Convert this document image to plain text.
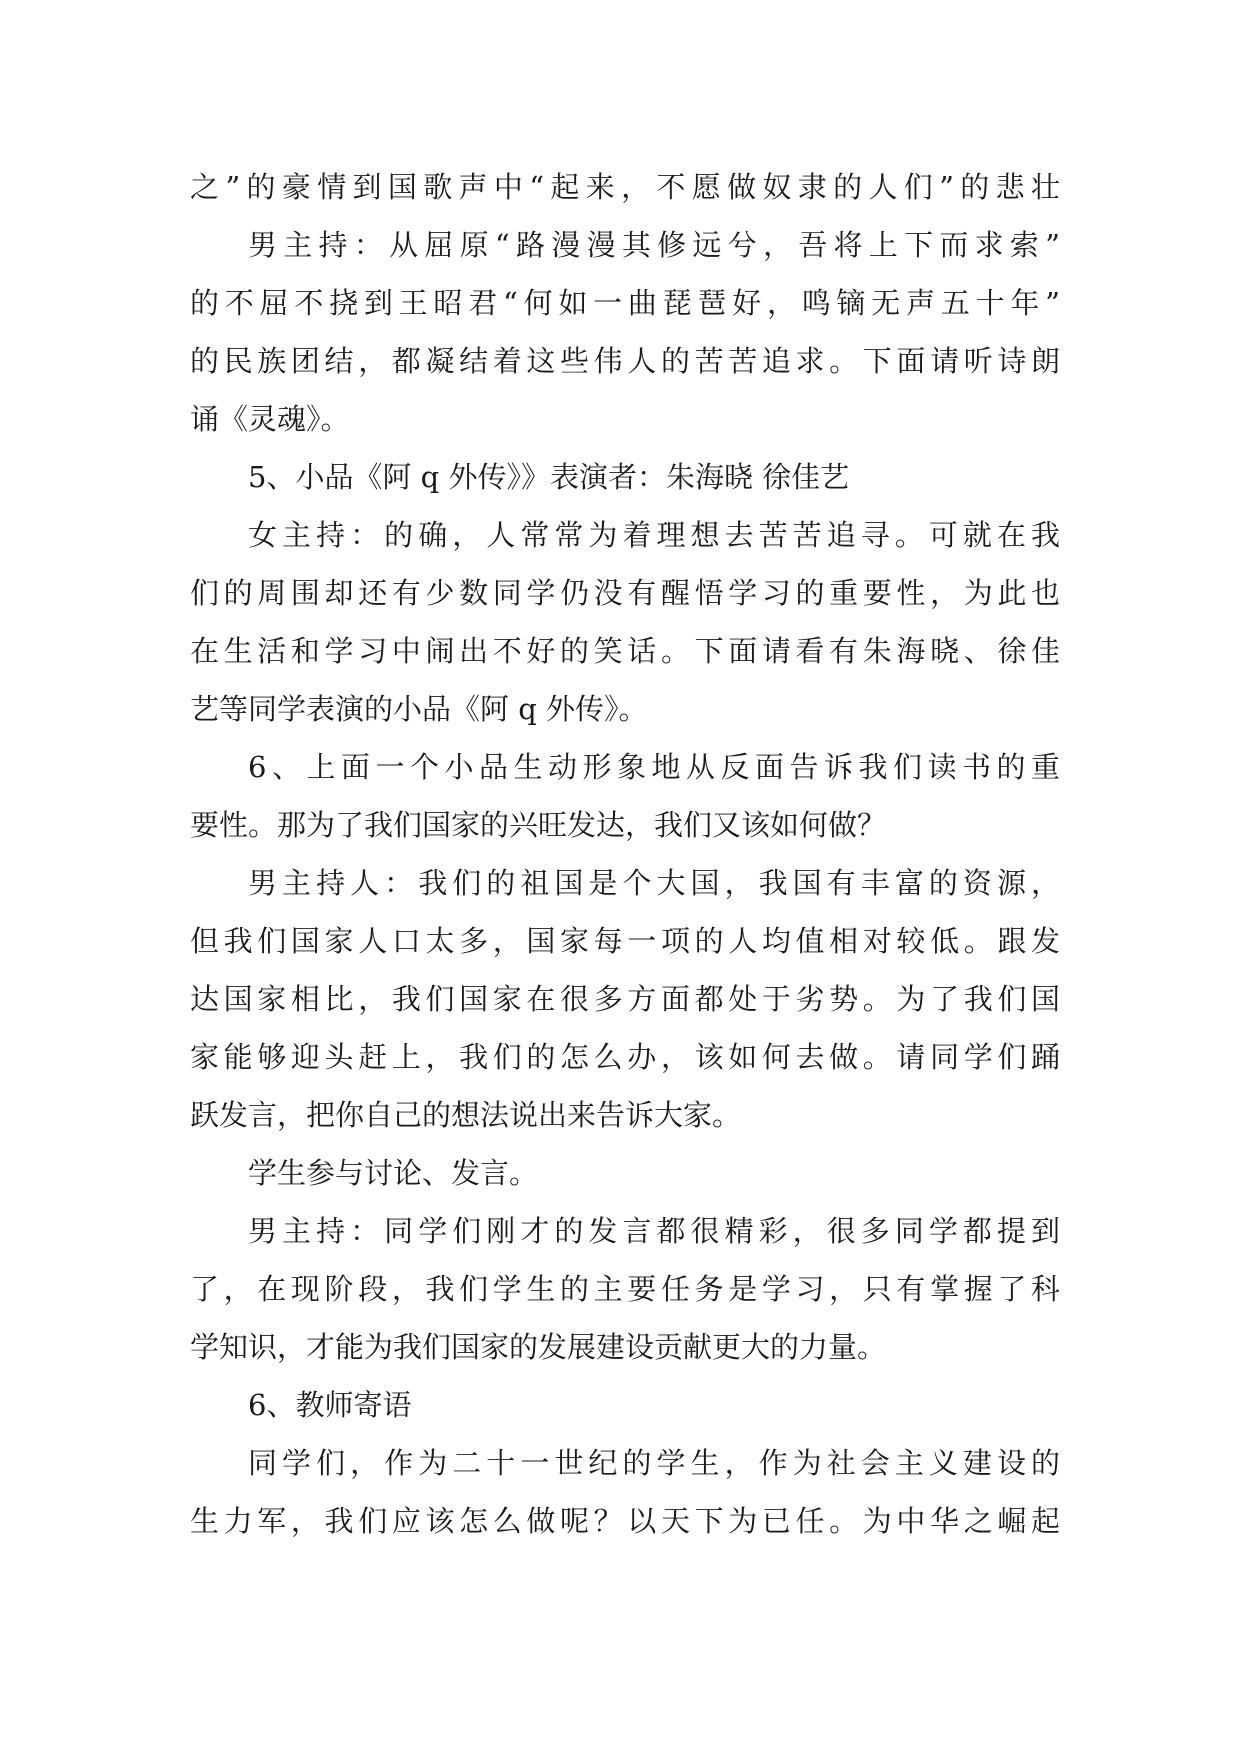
之”的豪情到国歌声中“起来，不愿做奴隶的人们”的悲壮
男主持：从屈原“路漫漫其修远兮，吾将上下而求索”
的不屈不挠到王昭君“何如一曲琵琶好，鸣镝无声五十年”
的民族团结，都凝结着这些伟人的苦苦追求。下面请听诗朗
诵《灵魂》。
5、小品《阿 q 外传》》表演者：朱海晓 徐佳艺
女主持：的确，人常常为着理想去苦苦追寻。可就在我
们的周围却还有少数同学仍没有醒悟学习的重要性，为此也
在生活和学习中闹出不好的笑话。下面请看有朱海晓、徐佳
艺等同学表演的小品《阿 q 外传》。
6、上面一个小品生动形象地从反面告诉我们读书的重
要性。那为了我们国家的兴旺发达，我们又该如何做？
男主持人：我们的祖国是个大国，我国有丰富的资源，
但我们国家人口太多，国家每一项的人均值相对较低。跟发
达国家相比，我们国家在很多方面都处于劣势。为了我们国
家能够迎头赶上，我们的怎么办，该如何去做。请同学们踊
跃发言，把你自己的想法说出来告诉大家。
学生参与讨论、发言。
男主持：同学们刚才的发言都很精彩，很多同学都提到
了，在现阶段，我们学生的主要任务是学习，只有掌握了科
学知识，才能为我们国家的发展建设贡献更大的力量。
6、教师寄语
同学们，作为二十一世纪的学生，作为社会主义建设的
生力军，我们应该怎么做呢？以天下为已任。为中华之崛起
